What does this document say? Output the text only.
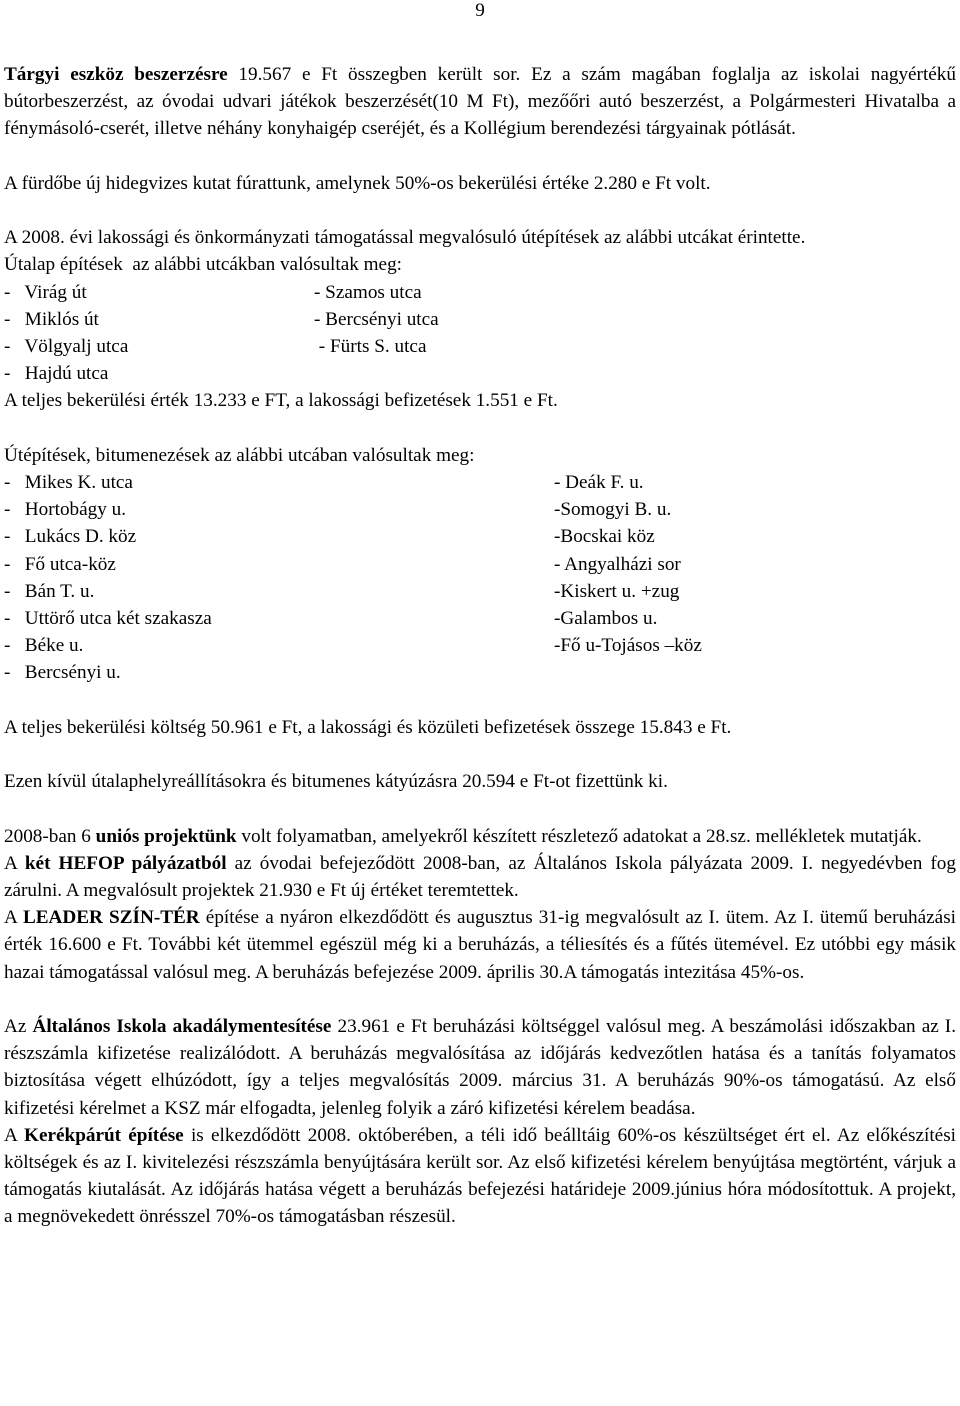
9

Tárgyi eszköz beszerzésre 19.567 e Ft összegben került sor. Ez a szám magában foglalja az iskolai nagyértékű bútorbeszerzést, az óvodai udvari játékok beszerzését(10 M Ft), mezőőri autó beszerzést, a Polgármesteri Hivatalba a fénymásoló-cserét, illetve néhány konyhaigép cseréjét, és a Kollégium berendezési tárgyainak pótlását.

A fürdőbe új hidegvizes kutat fúrattunk, amelynek 50%-os bekerülési értéke 2.280 e Ft volt.

A 2008. évi lakossági és önkormányzati támogatással megvalósuló útépítések az alábbi utcákat érintette.

Útalap építések  az alábbi utcákban valósultak meg:

-   Virág út	- Szamos utca
-   Miklós út	- Bercsényi utca
-   Völgyalj utca	- Fürts S. utca
-   Hajdú utca

A teljes bekerülési érték 13.233 e FT, a lakossági befizetések 1.551 e Ft.

Útépítések, bitumenezések az alábbi utcában valósultak meg:

-   Mikes K. utca	- Deák F. u.
-   Hortobágy u.	-Somogyi B. u.
-   Lukács D. köz	-Bocskai köz
-   Fő utca-köz	- Angyalházi sor
-   Bán T. u.	-Kiskert u. +zug
-   Uttörő utca két szakasza	-Galambos u.
-   Béke u.	-Fő u-Tojásos –köz
-   Bercsényi u.

A teljes bekerülési költség 50.961 e Ft, a lakossági és közületi befizetések összege 15.843 e Ft.

Ezen kívül útalaphelyreállításokra és bitumenes kátyúzásra 20.594 e Ft-ot fizettünk ki.

2008-ban 6 uniós projektünk volt folyamatban, amelyekről készített részletező adatokat a 28.sz. mellékletek mutatják.

A két HEFOP pályázatból az óvodai befejeződött 2008-ban, az Általános Iskola pályázata 2009. I. negyedévben fog zárulni. A megvalósult projektek 21.930 e Ft új értéket teremtettek.

A LEADER SZÍN-TÉR építése a nyáron elkezdődött és augusztus 31-ig megvalósult az I. ütem. Az I. ütemű beruházási érték 16.600 e Ft. További két ütemmel egészül még ki a beruházás, a téliesítés és a fűtés ütemével. Ez utóbbi egy másik hazai támogatással valósul meg. A beruházás befejezése 2009. április 30.A támogatás intezitása 45%-os.

Az Általános Iskola akadálymentesítése 23.961 e Ft beruházási költséggel valósul meg. A beszámolási időszakban az I. részszámla kifizetése realizálódott. A beruházás megvalósítása az időjárás kedvezőtlen hatása és a tanítás folyamatos biztosítása végett elhúzódott, így a teljes megvalósítás 2009. március 31. A beruházás 90%-os támogatású. Az első kifizetési kérelmet a KSZ már elfogadta, jelenleg folyik a záró kifizetési kérelem beadása.

A Kerékpárút építése is elkezdődött 2008. októberében, a téli idő beálltáig 60%-os készültséget ért el. Az előkészítési költségek és az I. kivitelezési részszámla benyújtására került sor. Az első kifizetési kérelem benyújtása megtörtént, várjuk a támogatás kiutalását. Az időjárás hatása végett a beruházás befejezési határideje 2009.június hóra módosítottuk. A projekt, a megnövekedett önrésszel 70%-os támogatásban részesül.
